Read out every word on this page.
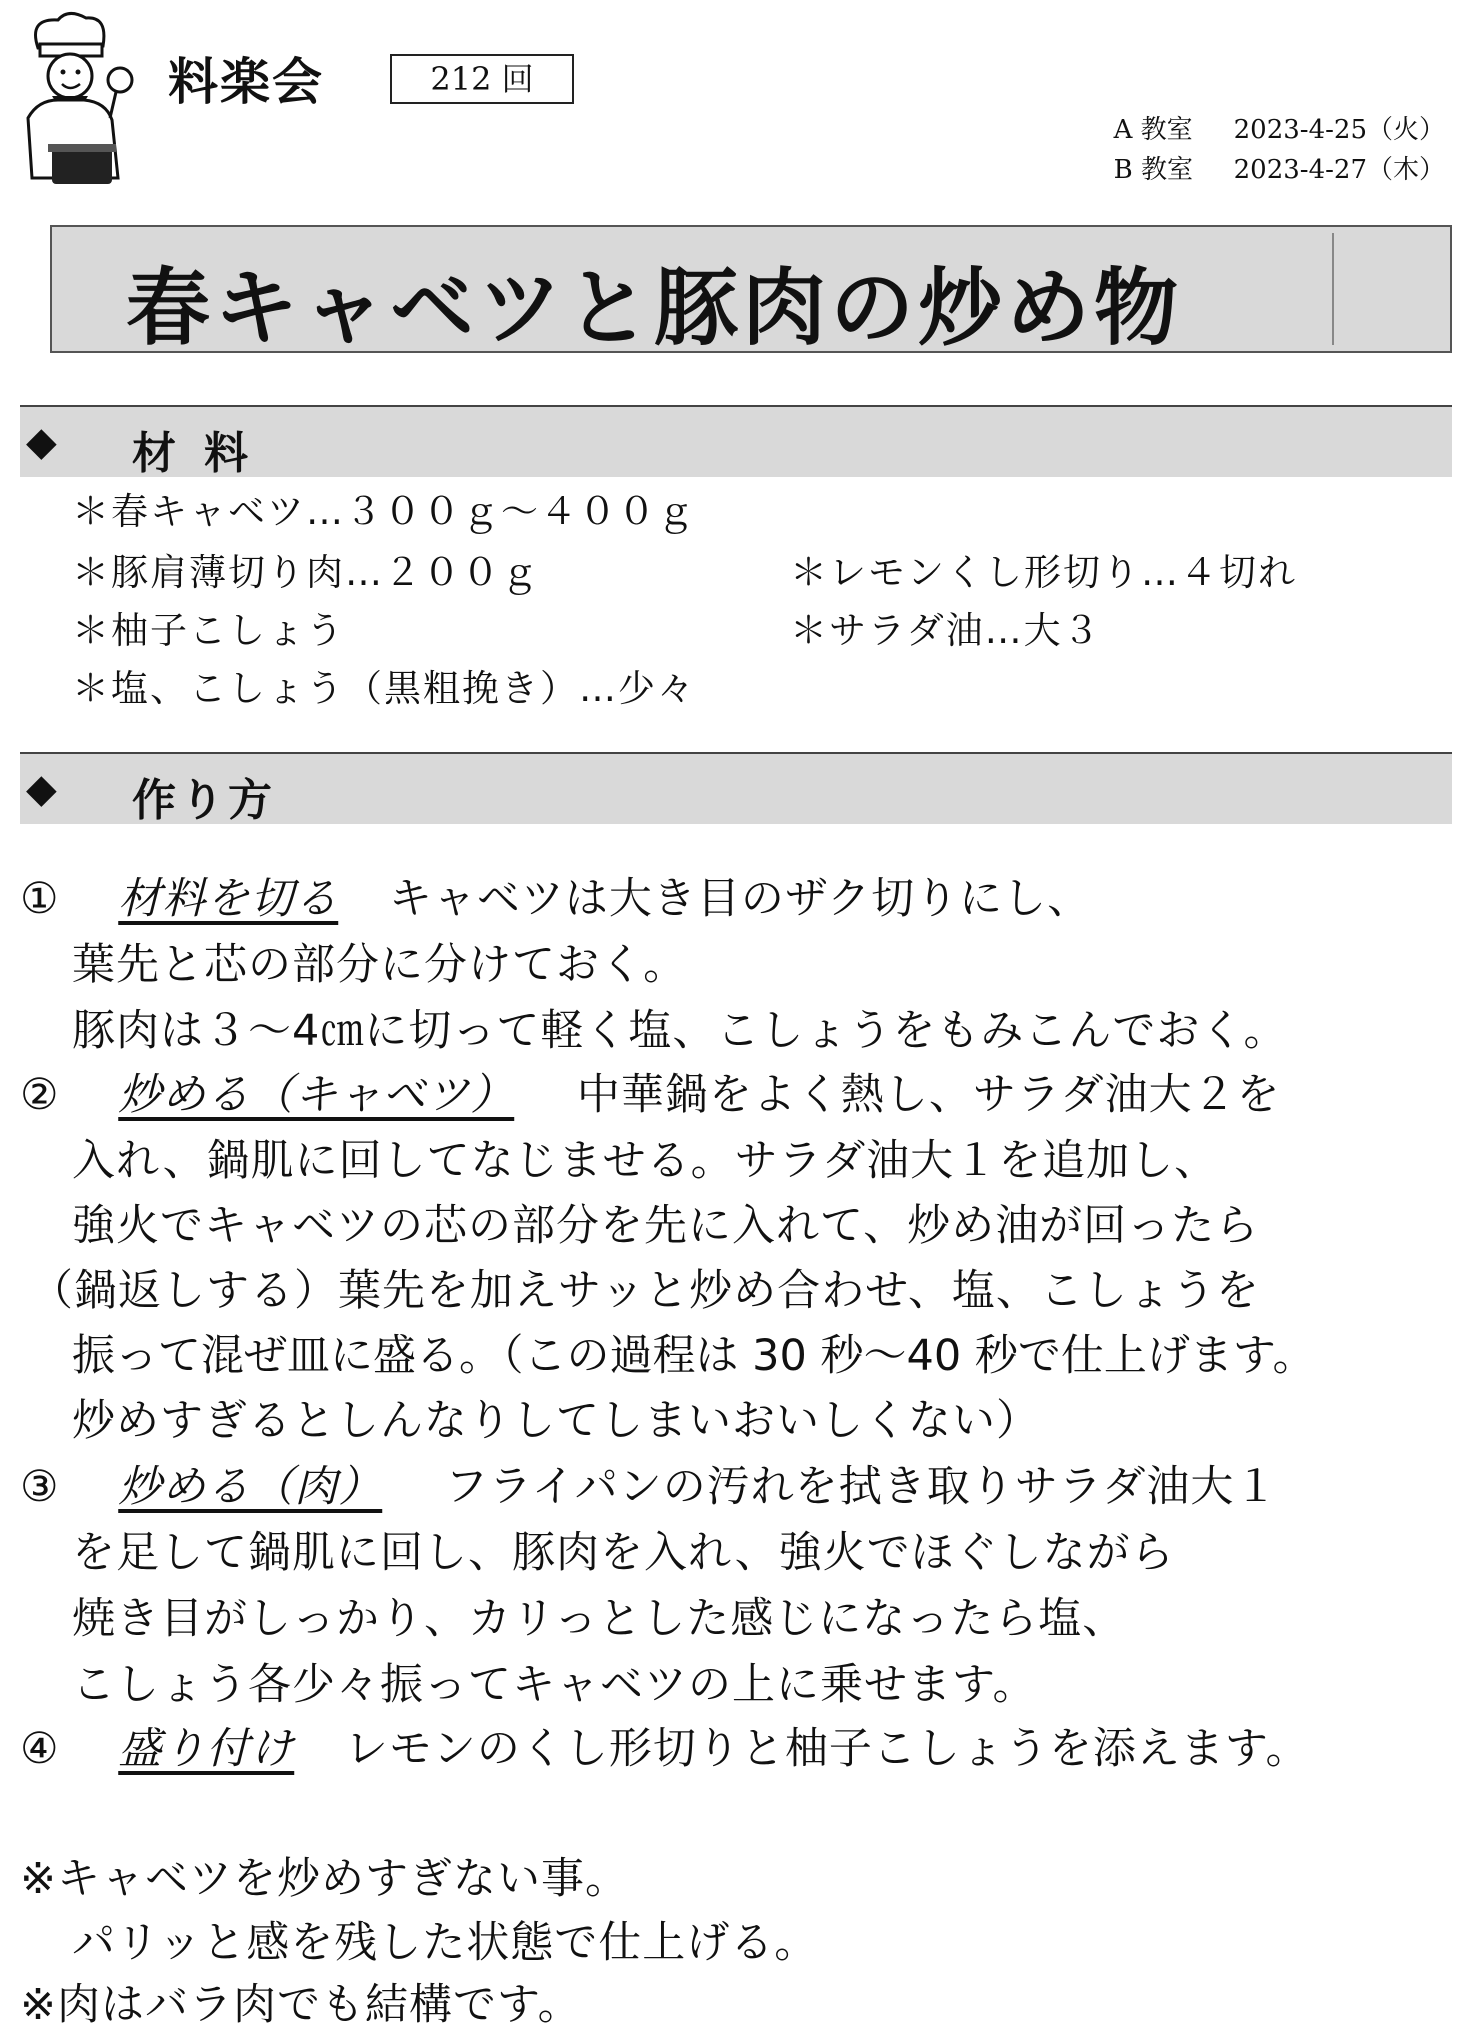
料楽会	212 回
A 教室 2023-4-25（火）
B 教室 2023-4-27（木）
春キャベツと豚肉の炒め物
◆ 材料
＊春キャベツ…３００ｇ〜４００ｇ
＊豚肩薄切り肉…２００ｇ	＊レモンくし形切り…４切れ
＊柚子こしょう	＊サラダ油…大３
＊塩、こしょう（黒粗挽き）…少々
◆ 作り方
① 材料を切る キャベツは大き目のザク切りにし、
葉先と芯の部分に分けておく。
豚肉は３〜4㎝に切って軽く塩、こしょうをもみこんでおく。
② 炒める（キャベツ） 中華鍋をよく熱し、サラダ油大２を
入れ、鍋肌に回してなじませる。サラダ油大１を追加し、
強火でキャベツの芯の部分を先に入れて、炒め油が回ったら
（鍋返しする）葉先を加えサッと炒め合わせ、塩、こしょうを
振って混ぜ皿に盛る。（この過程は 30 秒〜40 秒で仕上げます。
炒めすぎるとしんなりしてしまいおいしくない）
③ 炒める（肉） フライパンの汚れを拭き取りサラダ油大１
を足して鍋肌に回し、豚肉を入れ、強火でほぐしながら
焼き目がしっかり、カリっとした感じになったら塩、
こしょう各少々振ってキャベツの上に乗せます。
④ 盛り付け レモンのくし形切りと柚子こしょうを添えます。
※キャベツを炒めすぎない事。
パリッと感を残した状態で仕上げる。
※肉はバラ肉でも結構です。
